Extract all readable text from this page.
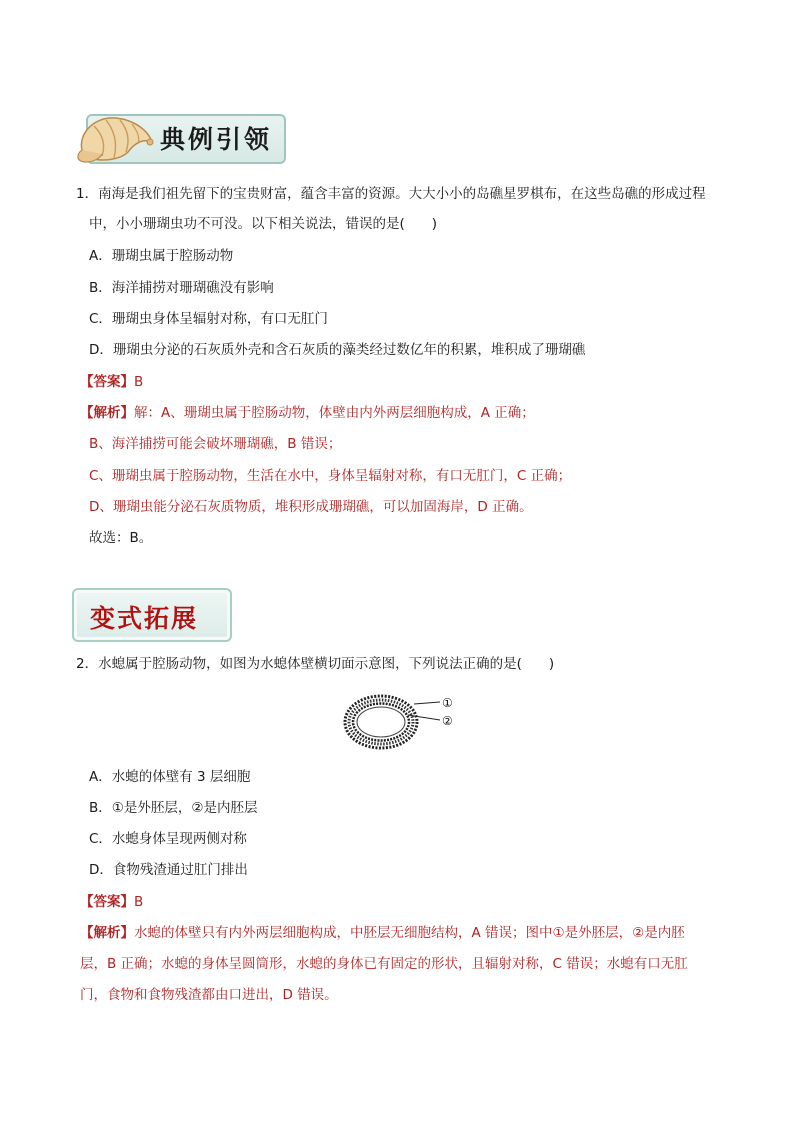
典例引领
1．南海是我们祖先留下的宝贵财富，蕴含丰富的资源。大大小小的岛礁星罗棋布，在这些岛礁的形成过程
中，小小珊瑚虫功不可没。以下相关说法，错误的是(　　)
A．珊瑚虫属于腔肠动物
B．海洋捕捞对珊瑚礁没有影响
C．珊瑚虫身体呈辐射对称，有口无肛门
D．珊瑚虫分泌的石灰质外壳和含石灰质的藻类经过数亿年的积累，堆积成了珊瑚礁
【答案】B
【解析】解：A、珊瑚虫属于腔肠动物，体壁由内外两层细胞构成，A 正确；
B、海洋捕捞可能会破坏珊瑚礁，B 错误；
C、珊瑚虫属于腔肠动物，生活在水中，身体呈辐射对称，有口无肛门，C 正确；
D、珊瑚虫能分泌石灰质物质，堆积形成珊瑚礁，可以加固海岸，D 正确。
故选：B。
变式拓展
2．水螅属于腔肠动物，如图为水螅体壁横切面示意图，下列说法正确的是(　　)
①
②
A．水螅的体壁有 3 层细胞
B．①是外胚层，②是内胚层
C．水螅身体呈现两侧对称
D．食物残渣通过肛门排出
【答案】B
【解析】水螅的体壁只有内外两层细胞构成，中胚层无细胞结构，A 错误；图中①是外胚层，②是内胚
层，B 正确；水螅的身体呈圆筒形，水螅的身体已有固定的形状，且辐射对称，C 错误；水螅有口无肛
门，食物和食物残渣都由口进出，D 错误。
